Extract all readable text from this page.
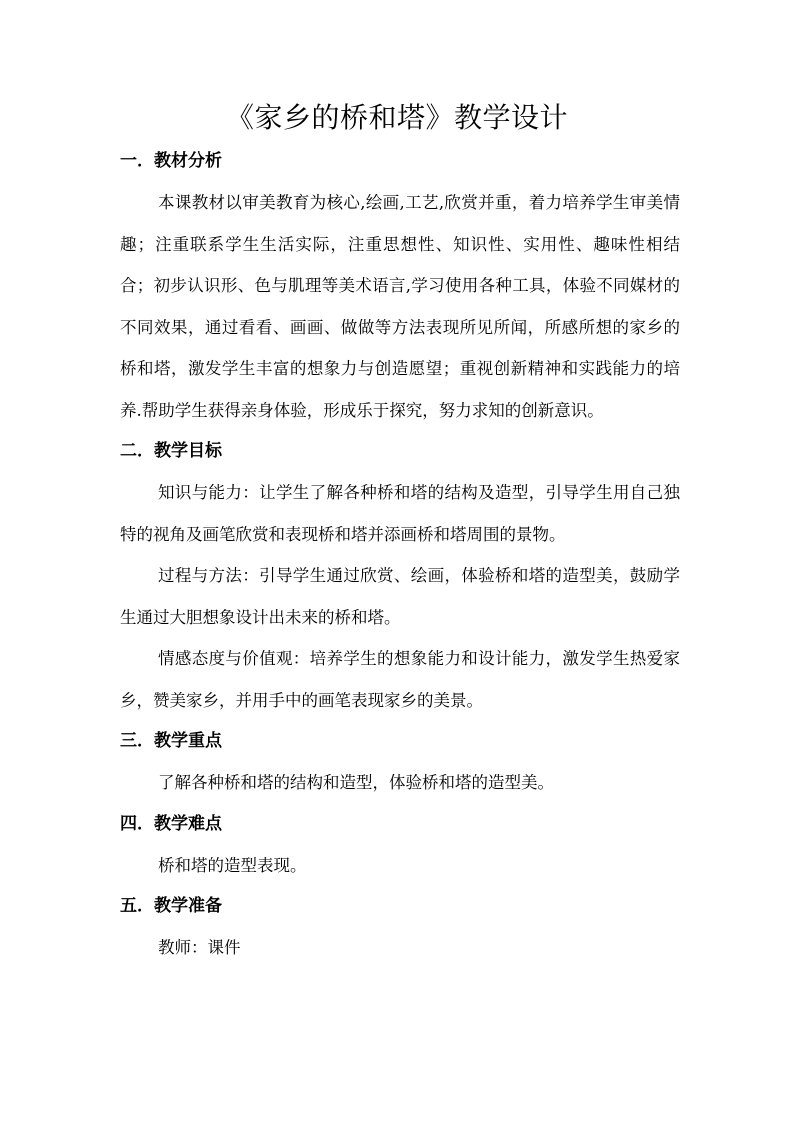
《家乡的桥和塔》教学设计
一．教材分析

本课教材以审美教育为核心,绘画,工艺,欣赏并重，着力培养学生审美情趣；注重联系学生生活实际，注重思想性、知识性、实用性、趣味性相结合；初步认识形、色与肌理等美术语言,学习使用各种工具，体验不同媒材的不同效果，通过看看、画画、做做等方法表现所见所闻，所感所想的家乡的桥和塔，激发学生丰富的想象力与创造愿望；重视创新精神和实践能力的培养.帮助学生获得亲身体验，形成乐于探究，努力求知的创新意识。

二．教学目标

知识与能力：让学生了解各种桥和塔的结构及造型，引导学生用自己独特的视角及画笔欣赏和表现桥和塔并添画桥和塔周围的景物。

过程与方法：引导学生通过欣赏、绘画，体验桥和塔的造型美，鼓励学生通过大胆想象设计出未来的桥和塔。

情感态度与价值观：培养学生的想象能力和设计能力，激发学生热爱家乡，赞美家乡，并用手中的画笔表现家乡的美景。

三．教学重点

了解各种桥和塔的结构和造型，体验桥和塔的造型美。

四．教学难点

桥和塔的造型表现。

五．教学准备

教师：课件
